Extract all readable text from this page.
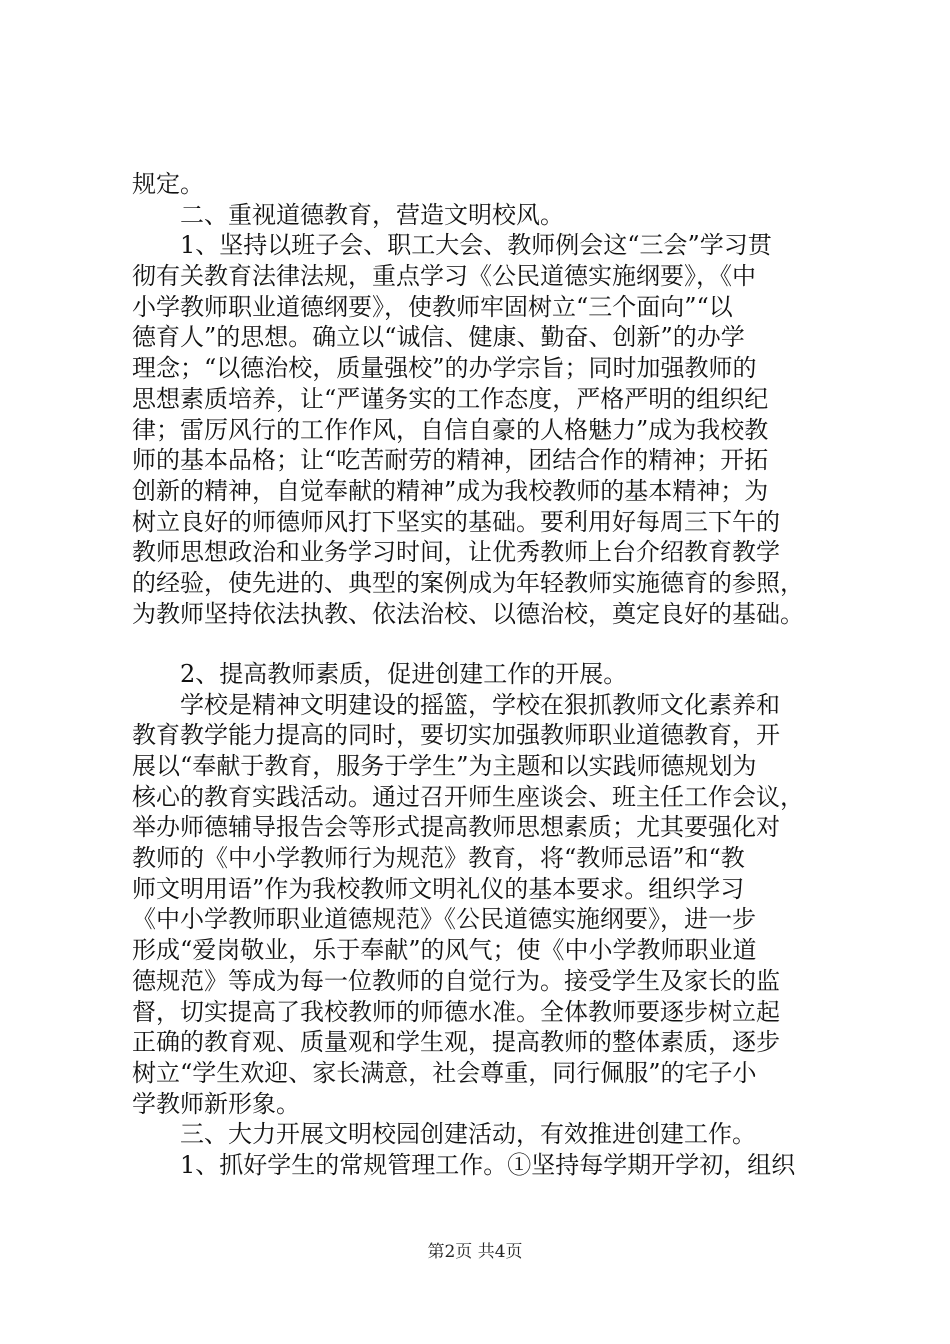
规定。
二、重视道德教育，营造文明校风。
1、坚持以班子会、职工大会、教师例会这“三会”学习贯
彻有关教育法律法规，重点学习《公民道德实施纲要》，《中
小学教师职业道德纲要》，使教师牢固树立“三个面向”“以
德育人”的思想。确立以“诚信、健康、勤奋、创新”的办学
理念；“以德治校，质量强校”的办学宗旨；同时加强教师的
思想素质培养，让“严谨务实的工作态度，严格严明的组织纪
律；雷厉风行的工作作风，自信自豪的人格魅力”成为我校教
师的基本品格；让“吃苦耐劳的精神，团结合作的精神；开拓
创新的精神，自觉奉献的精神”成为我校教师的基本精神；为
树立良好的师德师风打下坚实的基础。要利用好每周三下午的
教师思想政治和业务学习时间，让优秀教师上台介绍教育教学
的经验，使先进的、典型的案例成为年轻教师实施德育的参照，
为教师坚持依法执教、依法治校、以德治校，奠定良好的基础。
2、提高教师素质，促进创建工作的开展。
学校是精神文明建设的摇篮，学校在狠抓教师文化素养和
教育教学能力提高的同时，要切实加强教师职业道德教育，开
展以“奉献于教育，服务于学生”为主题和以实践师德规划为
核心的教育实践活动。通过召开师生座谈会、班主任工作会议，
举办师德辅导报告会等形式提高教师思想素质；尤其要强化对
教师的《中小学教师行为规范》教育，将“教师忌语”和“教
师文明用语”作为我校教师文明礼仪的基本要求。组织学习
《中小学教师职业道德规范》《公民道德实施纲要》，进一步
形成“爱岗敬业，乐于奉献”的风气；使《中小学教师职业道
德规范》等成为每一位教师的自觉行为。接受学生及家长的监
督，切实提高了我校教师的师德水准。全体教师要逐步树立起
正确的教育观、质量观和学生观，提高教师的整体素质，逐步
树立“学生欢迎、家长满意，社会尊重，同行佩服”的宅子小
学教师新形象。
三、大力开展文明校园创建活动，有效推进创建工作。
1、抓好学生的常规管理工作。①坚持每学期开学初，组织
第2页 共4页
